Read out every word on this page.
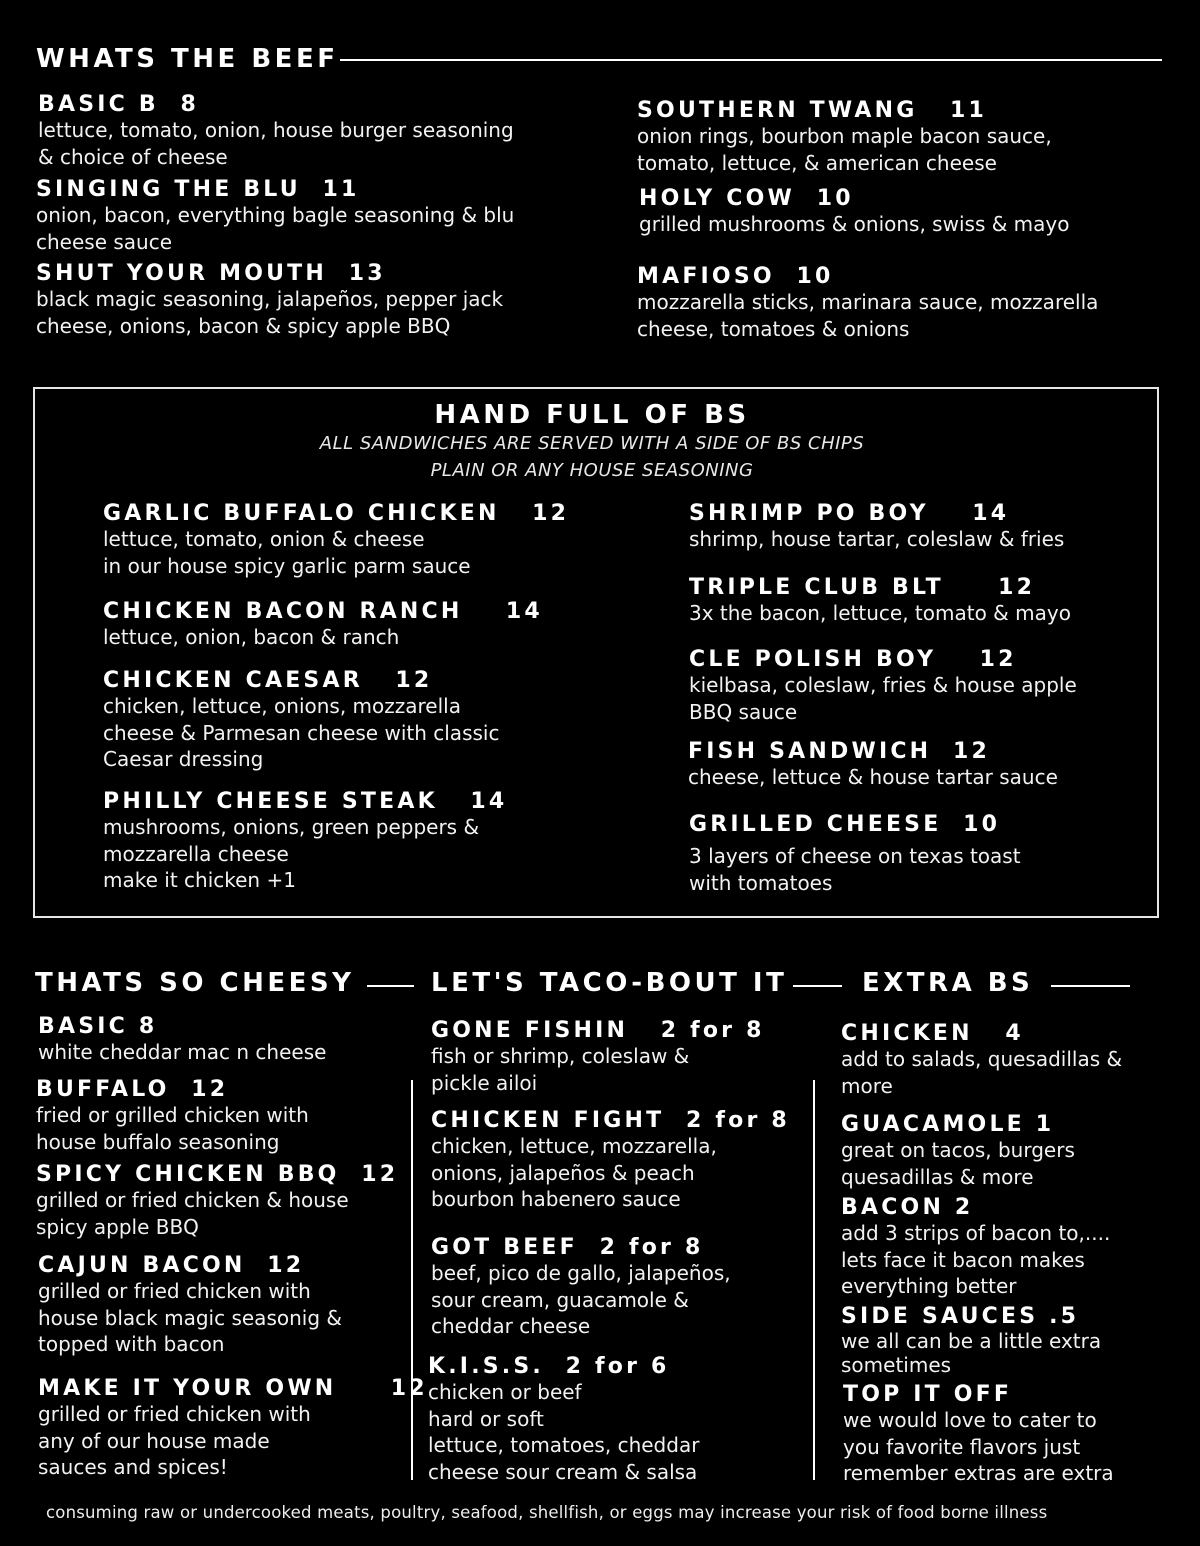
WHATS THE BEEF
BASIC B  8
lettuce, tomato, onion, house burger seasoning
& choice of cheese
SINGING THE BLU  11
onion, bacon, everything bagle seasoning & blu
cheese sauce
SHUT YOUR MOUTH  13
black magic seasoning, jalapeños, pepper jack
cheese, onions, bacon & spicy apple BBQ
SOUTHERN TWANG   11
onion rings, bourbon maple bacon sauce,
tomato, lettuce, & american cheese
HOLY COW  10
grilled mushrooms & onions, swiss & mayo
MAFIOSO  10
mozzarella sticks, marinara sauce, mozzarella
cheese, tomatoes & onions
HAND FULL OF BS
ALL SANDWICHES ARE SERVED WITH A SIDE OF BS CHIPS
PLAIN OR ANY HOUSE SEASONING
GARLIC BUFFALO CHICKEN   12
lettuce, tomato, onion & cheese
in our house spicy garlic parm sauce
CHICKEN BACON RANCH    14
lettuce, onion, bacon & ranch
CHICKEN CAESAR   12
chicken, lettuce, onions, mozzarella
cheese & Parmesan cheese with classic
Caesar dressing
PHILLY CHEESE STEAK   14
mushrooms, onions, green peppers &
mozzarella cheese
make it chicken +1
SHRIMP PO BOY    14
shrimp, house tartar, coleslaw & fries
TRIPLE CLUB BLT     12
3x the bacon, lettuce, tomato & mayo
CLE POLISH BOY    12
kielbasa, coleslaw, fries & house apple
BBQ sauce
FISH SANDWICH  12
cheese, lettuce & house tartar sauce
GRILLED CHEESE  10
3 layers of cheese on texas toast
with tomatoes
THATS SO CHEESY	LET'S TACO-BOUT IT	EXTRA BS
BASIC 8
white cheddar mac n cheese
BUFFALO  12
fried or grilled chicken with
house buffalo seasoning
SPICY CHICKEN BBQ  12
grilled or fried chicken & house
spicy apple BBQ
CAJUN BACON  12
grilled or fried chicken with
house black magic seasonig &
topped with bacon
MAKE IT YOUR OWN     12
grilled or fried chicken with
any of our house made
sauces and spices!
GONE FISHIN   2 for 8
fish or shrimp, coleslaw &
pickle ailoi
CHICKEN FIGHT  2 for 8
chicken, lettuce, mozzarella,
onions, jalapeños & peach
bourbon habenero sauce
GOT BEEF  2 for 8
beef, pico de gallo, jalapeños,
sour cream, guacamole &
cheddar cheese
K.I.S.S.  2 for 6
chicken or beef
hard or soft
lettuce, tomatoes, cheddar
cheese sour cream & salsa
CHICKEN   4
add to salads, quesadillas &
more
GUACAMOLE 1
great on tacos, burgers
quesadillas & more
BACON 2
add 3 strips of bacon to,....
lets face it bacon makes
everything better
SIDE SAUCES .5
we all can be a little extra
sometimes
TOP IT OFF
we would love to cater to
you favorite flavors just
remember extras are extra
consuming raw or undercooked meats, poultry, seafood, shellfish, or eggs may increase your risk of food borne illness
